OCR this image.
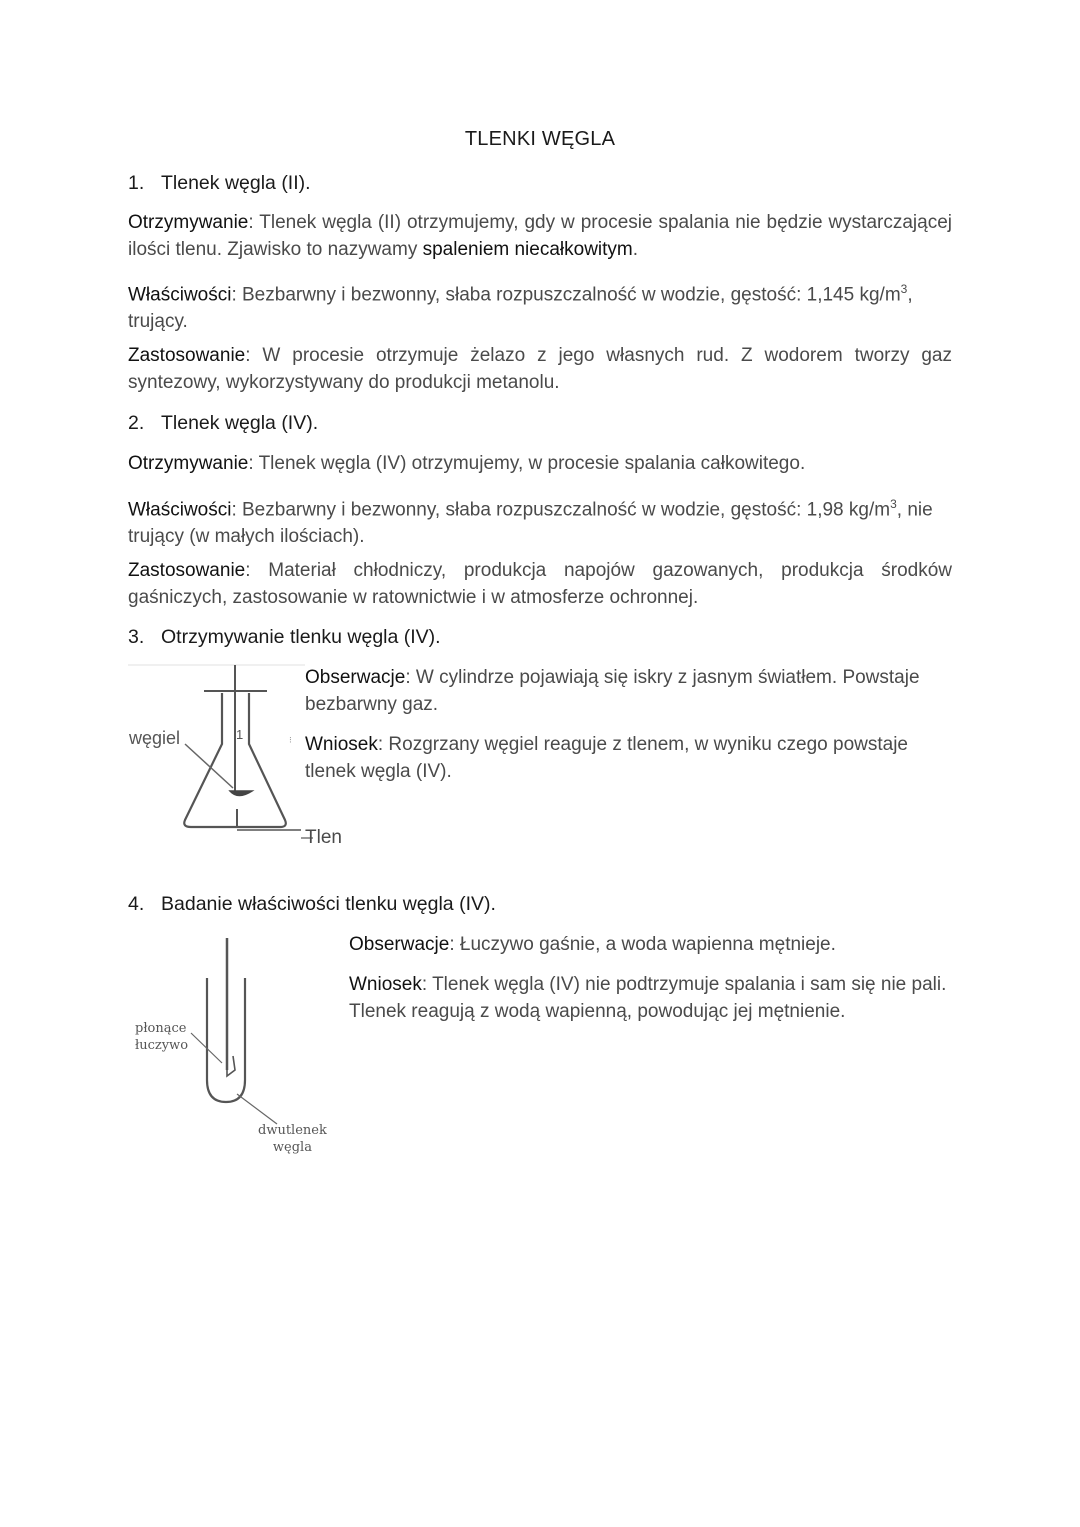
TLENKI WĘGLA
1. Tlenek węgla (II).
Otrzymywanie: Tlenek węgla (II) otrzymujemy, gdy w procesie spalania nie będzie wystarczającej ilości tlenu. Zjawisko to nazywamy spaleniem niecałkowitym.
Właściwości: Bezbarwny i bezwonny, słaba rozpuszczalność w wodzie, gęstość: 1,145 $kg/m^3$, trujący.
Zastosowanie: W procesie otrzymuje żelazo z jego własnych rud. Z wodorem tworzy gaz syntezowy, wykorzystywany do produkcji metanolu.
2. Tlenek węgla (IV).
Otrzymywanie: Tlenek węgla (IV) otrzymujemy, w procesie spalania całkowitego.
Właściwości: Bezbarwny i bezwonny, słaba rozpuszczalność w wodzie, gęstość: 1,98 $kg/m^3$, nie trujący (w małych ilościach).
Zastosowanie: Materiał chłodniczy, produkcja napojów gazowanych, produkcja środków gaśniczych, zastosowanie w ratownictwie i w atmosferze ochronnej.
3. Otrzymywanie tlenku węgla (IV).
⁝
węgiel	1
Obserwacje: W cylindrze pojawiają się iskry z jasnym światłem. Powstaje bezbarwny gaz.
Wniosek: Rozgrzany węgiel reaguje z tlenem, w wyniku czego powstaje tlenek węgla (IV).
Tlen
4. Badanie właściwości tlenku węgla (IV).
płonące
łuczywo
dwutlenek
węgla
Obserwacje: Łuczywo gaśnie, a woda wapienna mętnieje.
Wniosek: Tlenek węgla (IV) nie podtrzymuje spalania i sam się nie pali. Tlenek reagują z wodą wapienną, powodując jej mętnienie.
